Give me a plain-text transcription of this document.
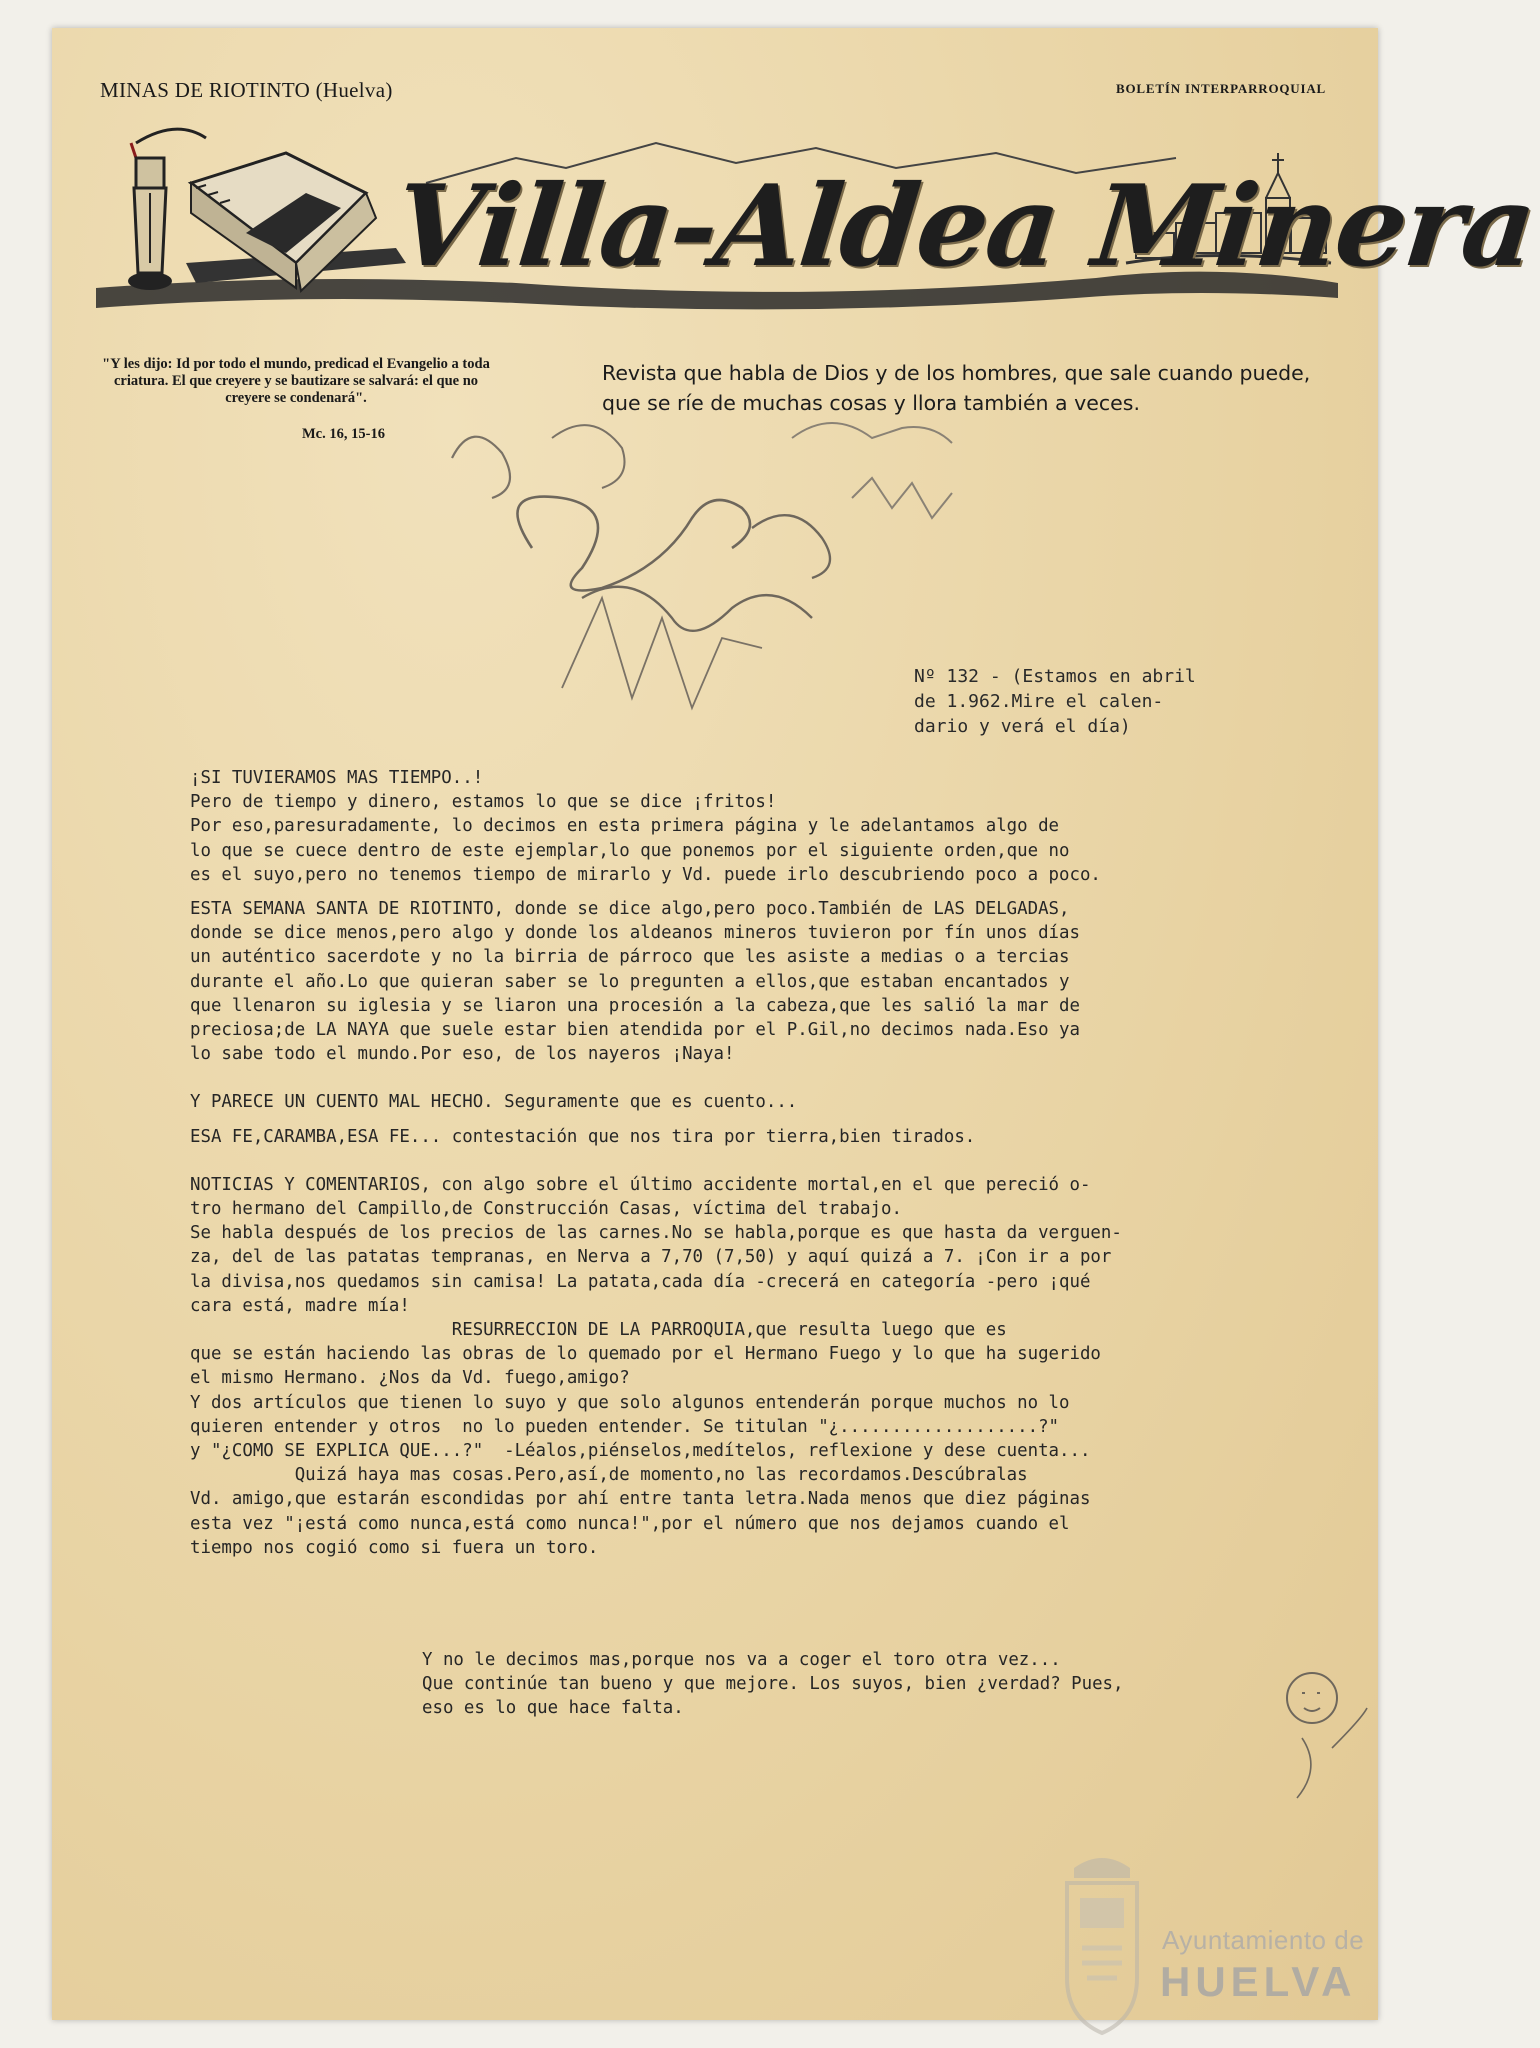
MINAS DE RIOTINTO (Huelva)	BOLETÍN INTERPARROQUIAL
Villa-Aldea Minera
"Y les dijo: Id por todo el mundo, predicad el Evangelio a toda criatura. El que creyere y se bautizare se salvará: el que no creyere se condenará".
Mc. 16, 15-16
Revista que habla de Dios y de los hombres, que sale cuando puede, que se ríe de muchas cosas y llora también a veces.
Nº 132 - (Estamos en abril
de 1.962.Mire el calen-
dario y verá el día)

¡SI TUVIERAMOS MAS TIEMPO..!

Pero de tiempo y dinero, estamos lo que se dice ¡fritos!

Por eso,paresuradamente, lo decimos en esta primera página y le adelantamos algo de

lo que se cuece dentro de este ejemplar,lo que ponemos por el siguiente orden,que no

es el suyo,pero no tenemos tiempo de mirarlo y Vd. puede irlo descubriendo poco a poco.

ESTA SEMANA SANTA DE RIOTINTO, donde se dice algo,pero poco.También de LAS DELGADAS,

donde se dice menos,pero algo y donde los aldeanos mineros tuvieron por fín unos días

un auténtico sacerdote y no la birria de párroco que les asiste a medias o a tercias

durante el año.Lo que quieran saber se lo pregunten a ellos,que estaban encantados y

que llenaron su iglesia y se liaron una procesión a la cabeza,que les salió la mar de

preciosa;de LA NAYA que suele estar bien atendida por el P.Gil,no decimos nada.Eso ya

lo sabe todo el mundo.Por eso, de los nayeros ¡Naya!

Y PARECE UN CUENTO MAL HECHO. Seguramente que es cuento...

ESA FE,CARAMBA,ESA FE... contestación que nos tira por tierra,bien tirados.

NOTICIAS Y COMENTARIOS, con algo sobre el último accidente mortal,en el que pereció o-

tro hermano del Campillo,de Construcción Casas, víctima del trabajo.

Se habla después de los precios de las carnes.No se habla,porque es que hasta da verguen-

za, del de las patatas tempranas, en Nerva a 7,70 (7,50) y aquí quizá a 7. ¡Con ir a por

la divisa,nos quedamos sin camisa! La patata,cada día -crecerá en categoría -pero ¡qué

cara está, madre mía!

RESURRECCION DE LA PARROQUIA,que resulta luego que es

que se están haciendo las obras de lo quemado por el Hermano Fuego y lo que ha sugerido

el mismo Hermano. ¿Nos da Vd. fuego,amigo?

Y dos artículos que tienen lo suyo y que solo algunos entenderán porque muchos no lo

quieren entender y otros  no lo pueden entender. Se titulan "¿...................?"

y "¿COMO SE EXPLICA QUE...?"  -Léalos,piénselos,medítelos, reflexione y dese cuenta...

Quizá haya mas cosas.Pero,así,de momento,no las recordamos.Descúbralas

Vd. amigo,que estarán escondidas por ahí entre tanta letra.Nada menos que diez páginas

esta vez "¡está como nunca,está como nunca!",por el número que nos dejamos cuando el

tiempo nos cogió como si fuera un toro.

Y no le decimos mas,porque nos va a coger el toro otra vez...
Que continúe tan bueno y que mejore. Los suyos, bien ¿verdad? Pues,
eso es lo que hace falta.
Ayuntamiento de
HUELVA
